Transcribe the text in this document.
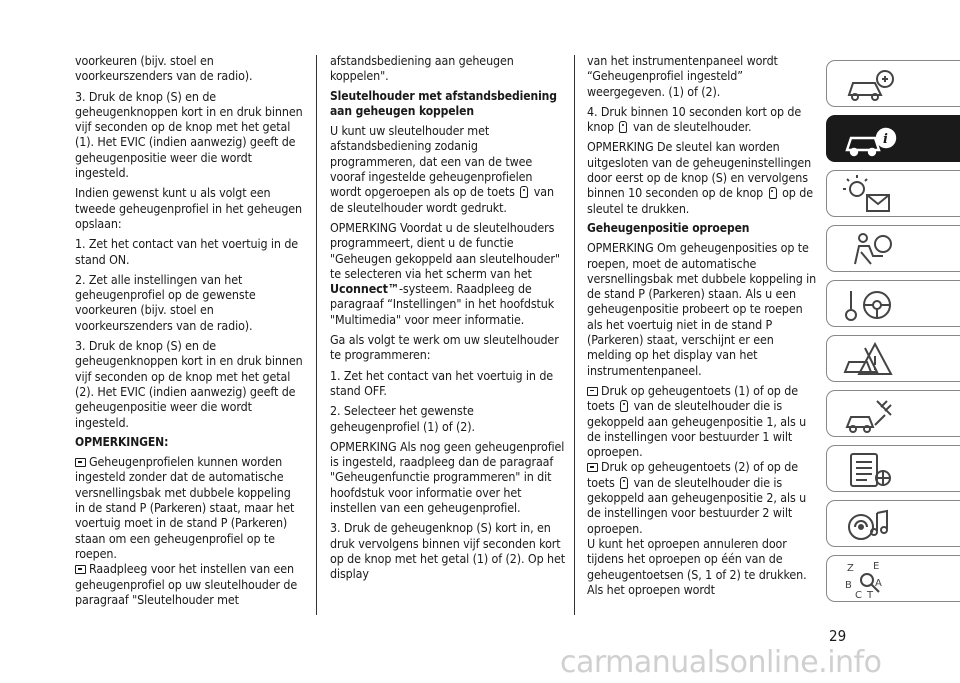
voorkeuren (bijv. stoel en voorkeurszenders van de radio).
3. Druk de knop (S) en de geheugenknoppen kort in en druk binnen vijf seconden op de knop met het getal (1). Het EVIC (indien aanwezig) geeft de geheugenpositie weer die wordt ingesteld.
Indien gewenst kunt u als volgt een tweede geheugenprofiel in het geheugen opslaan:
1. Zet het contact van het voertuig in de stand ON.
2. Zet alle instellingen van het geheugenprofiel op de gewenste voorkeuren (bijv. stoel en voorkeurszenders van de radio).
3. Druk de knop (S) en de geheugenknoppen kort in en druk binnen vijf seconden op de knop met het getal (2). Het EVIC (indien aanwezig) geeft de geheugenpositie weer die wordt ingesteld.
OPMERKINGEN:
Geheugenprofielen kunnen worden ingesteld zonder dat de automatische versnellingsbak met dubbele koppeling in de stand P (Parkeren) staat, maar het voertuig moet in de stand P (Parkeren) staan om een geheugenprofiel op te roepen.
Raadpleeg voor het instellen van een geheugenprofiel op uw sleutelhouder de paragraaf "Sleutelhouder met
afstandsbediening aan geheugen koppelen".
Sleutelhouder met afstandsbediening aan geheugen koppelen
U kunt uw sleutelhouder met afstandsbediening zodanig programmeren, dat een van de twee vooraf ingestelde geheugenprofielen wordt opgeroepen als op de toets van de sleutelhouder wordt gedrukt.
OPMERKING Voordat u de sleutelhouders programmeert, dient u de functie "Geheugen gekoppeld aan sleutelhouder" te selecteren via het scherm van het Uconnect™-systeem. Raadpleeg de paragraaf “Instellingen" in het hoofdstuk "Multimedia" voor meer informatie.
Ga als volgt te werk om uw sleutelhouder te programmeren:
1. Zet het contact van het voertuig in de stand OFF.
2. Selecteer het gewenste geheugenprofiel (1) of (2).
OPMERKING Als nog geen geheugenprofiel is ingesteld, raadpleeg dan de paragraaf "Geheugenfunctie programmeren" in dit hoofdstuk voor informatie over het instellen van een geheugenprofiel.
3. Druk de geheugenknop (S) kort in, en druk vervolgens binnen vijf seconden kort op de knop met het getal (1) of (2). Op het display
van het instrumentenpaneel wordt “Geheugenprofiel ingesteld” weergegeven. (1) of (2).
4. Druk binnen 10 seconden kort op de knop van de sleutelhouder.
OPMERKING De sleutel kan worden uitgesloten van de geheugeninstellingen door eerst op de knop (S) en vervolgens binnen 10 seconden op de knop op de sleutel te drukken.
Geheugenpositie oproepen
OPMERKING Om geheugenposities op te roepen, moet de automatische versnellingsbak met dubbele koppeling in de stand P (Parkeren) staan. Als u een geheugenpositie probeert op te roepen als het voertuig niet in de stand P (Parkeren) staat, verschijnt er een melding op het display van het instrumentenpaneel.
Druk op geheugentoets (1) of op de toets van de sleutelhouder die is gekoppeld aan geheugenpositie 1, als u de instellingen voor bestuurder 1 wilt oproepen.
Druk op geheugentoets (2) of op de toets van de sleutelhouder die is gekoppeld aan geheugenpositie 2, als u de instellingen voor bestuurder 2 wilt oproepen.
U kunt het oproepen annuleren door tijdens het oproepen op één van de geheugentoetsen (S, 1 of 2) te drukken. Als het oproepen wordt
i
Z E
B A
C T
29
carmanualsonline.info
